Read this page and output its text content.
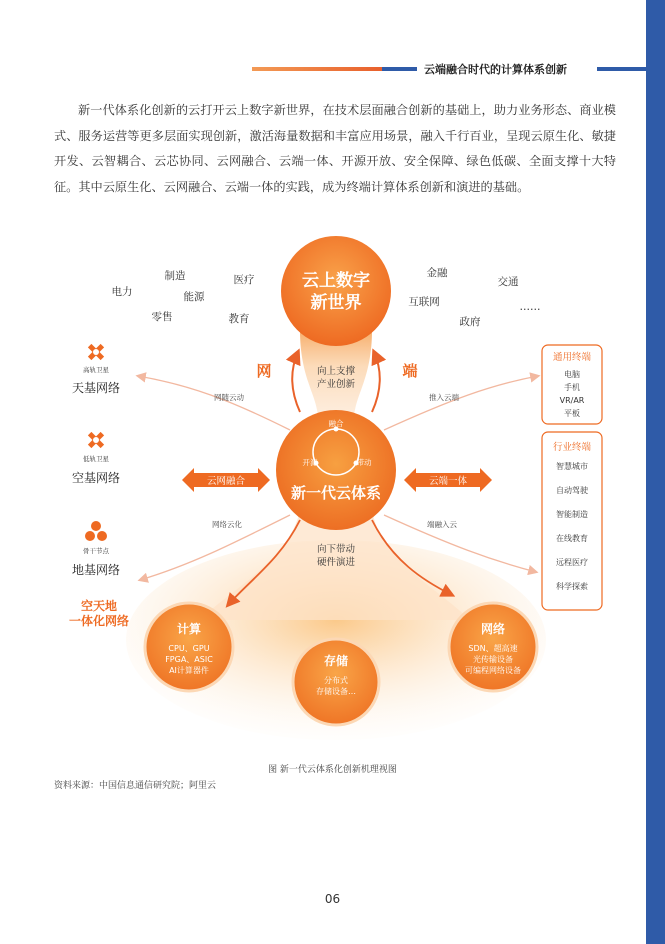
云端融合时代的计算体系创新

新一代体系化创新的云打开云上数字新世界，在技术层面融合创新的基础上，助力业务形态、商业模式、服务运营等更多层面实现创新，激活海量数据和丰富应用场景，融入千行百业，呈现云原生化、敏捷开发、云智耦合、云芯协同、云网融合、云端一体、开源开放、安全保障、绿色低碳、全面支撑十大特征。其中云原生化、云网融合、云端一体的实践，成为终端计算体系创新和演进的基础。

云上数字
新世界
制造	医疗
电力	能源
零售	教育
金融
交通
互联网
政府
……
网	端
向上支撑
产业创新
融合
开源	带动
新一代云体系
向下带动
硬件演进
云网融合	云端一体
网随云动
网络云化
推入云端
端融入云
高轨卫星
天基网络
低轨卫星
空基网络
骨干节点
地基网络
空天地
一体化网络
通用终端
电脑
手机
VR/AR
平板
行业终端
智慧城市
自动驾驶
智能制造
在线教育
远程医疗
科学探索
计算
CPU、GPU
FPGA、ASIC
AI计算器件
存储
分布式
存储设备…
网络
SDN、超高速
光传输设备
可编程网络设备
图 新一代云体系化创新机理视图
资料来源：中国信息通信研究院；阿里云
06
